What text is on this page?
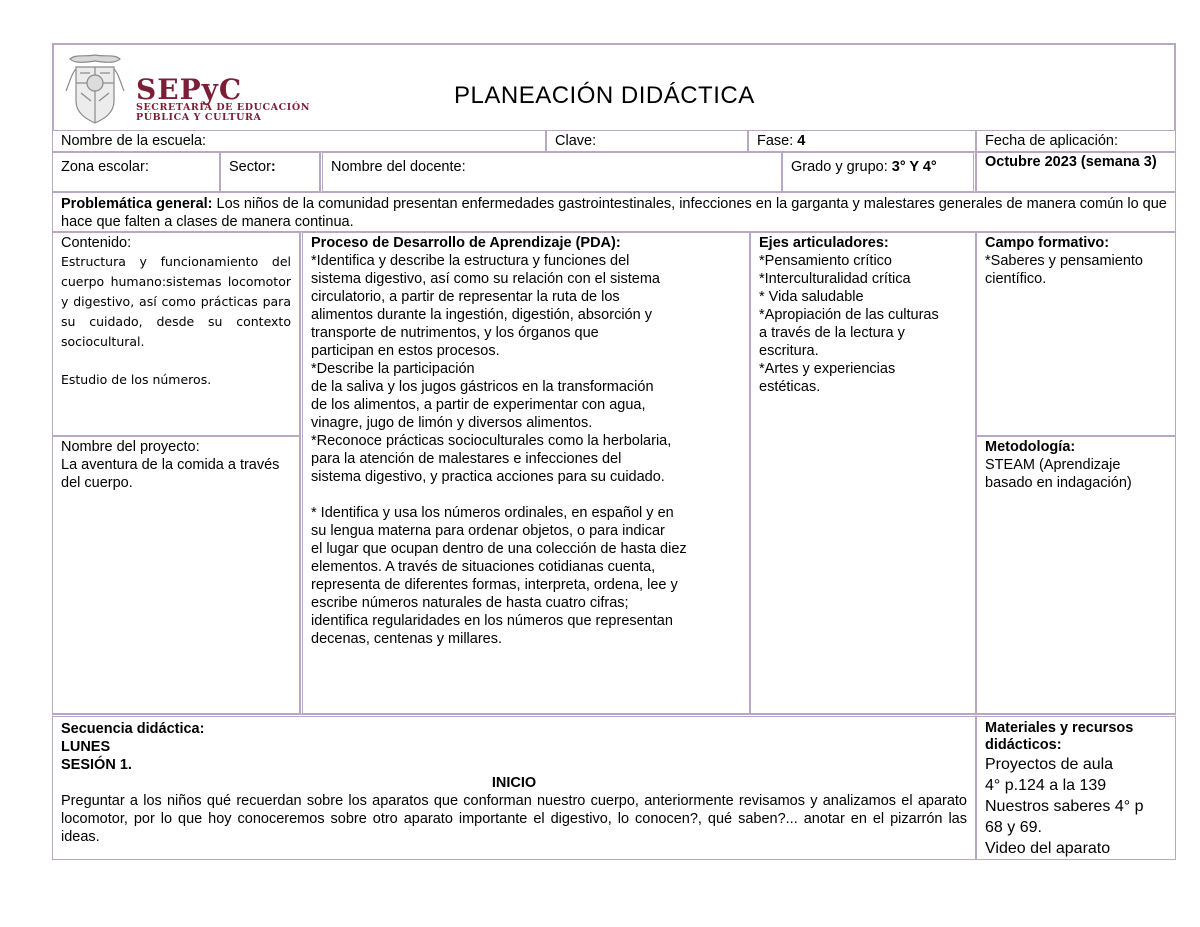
SEPyC
SECRETARÍA DE EDUCACIÓN
PÚBLICA Y CULTURA
PLANEACIÓN DIDÁCTICA
Nombre de la escuela:	Clave:	Fase: 4	Fecha de aplicación:
Zona escolar:	Sector:	Nombre del docente:	Grado y grupo: 3° Y 4°	Octubre 2023 (semana 3)
Problemática general: Los niños de la comunidad presentan enfermedades gastrointestinales, infecciones en la garganta y malestares generales de manera común lo que hace que falten a clases de manera continua.
Contenido:
Estructura y funcionamiento del cuerpo humano:sistemas locomotor y digestivo, así como prácticas para su cuidado, desde su contexto sociocultural.
Estudio de los números.
Nombre del proyecto:
La aventura de la comida a través del cuerpo.
Proceso de Desarrollo de Aprendizaje (PDA):
*Identifica y describe la estructura y funciones del
sistema digestivo, así como su relación con el sistema
circulatorio, a partir de representar la ruta de los
alimentos durante la ingestión, digestión, absorción y
transporte de nutrimentos, y los órganos que
participan en estos procesos.
*Describe la participación
de la saliva y los jugos gástricos en la transformación
de los alimentos, a partir de experimentar con agua,
vinagre, jugo de limón y diversos alimentos.
*Reconoce prácticas socioculturales como la herbolaria,
para la atención de malestares e infecciones del
sistema digestivo, y practica acciones para su cuidado.
* Identifica y usa los números ordinales, en español y en
su lengua materna para ordenar objetos, o para indicar
el lugar que ocupan dentro de una colección de hasta diez
elementos. A través de situaciones cotidianas cuenta,
representa de diferentes formas, interpreta, ordena, lee y
escribe números naturales de hasta cuatro cifras;
identifica regularidades en los números que representan
decenas, centenas y millares.
Ejes articuladores:
*Pensamiento crítico
*Interculturalidad crítica
* Vida saludable
*Apropiación de las culturas
a través de la lectura y
escritura.
*Artes y experiencias
estéticas.
Campo formativo:
*Saberes y pensamiento científico.
Metodología:
STEAM (Aprendizaje basado en indagación)
Secuencia didáctica:
LUNES
SESIÓN 1.
INICIO
Preguntar a los niños qué recuerdan sobre los aparatos que conforman nuestro cuerpo, anteriormente revisamos y analizamos el aparato locomotor, por lo que hoy conoceremos sobre otro aparato importante el digestivo, lo conocen?, qué saben?... anotar en el pizarrón las ideas.
Materiales y recursos didácticos:
Proyectos de aula
4° p.124 a la 139
Nuestros saberes 4° p
68 y 69.
Video del aparato
